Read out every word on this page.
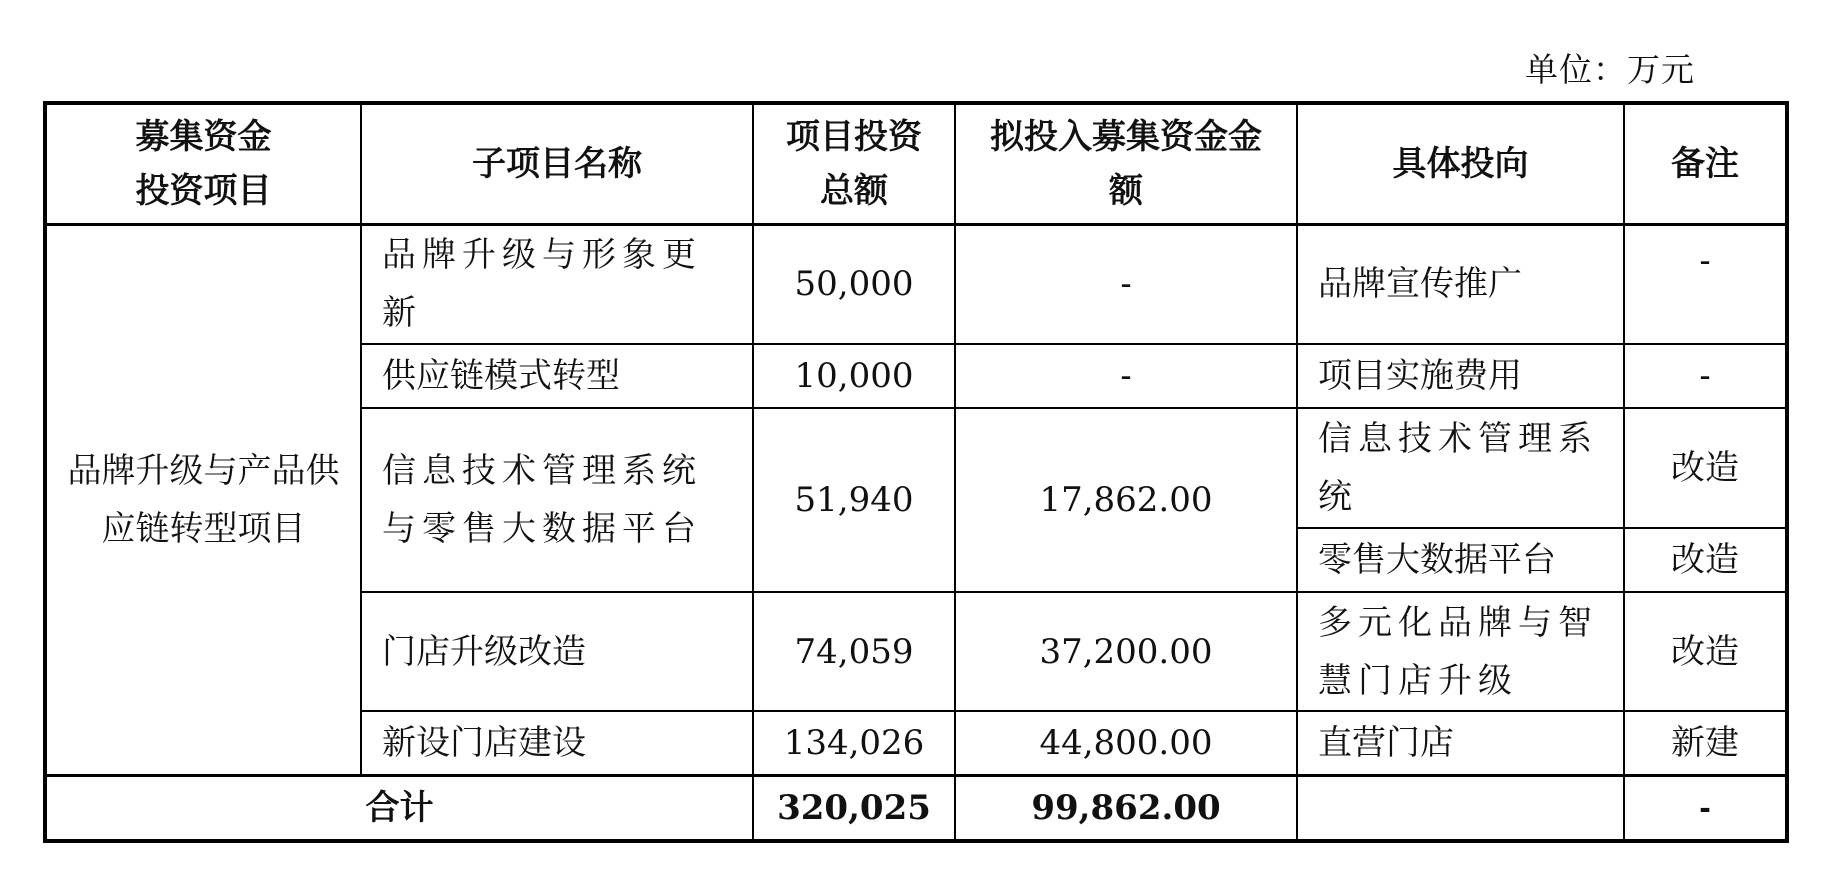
单位：万元
募集资金投资项目	子项目名称	项目投资总额	拟投入募集资金金额	具体投向	备注

品牌升级与产品供应链转型项目	品牌升级与形象更新	50,000	-	品牌宣传推广	-
	供应链模式转型	10,000	-	项目实施费用	-
	信息技术管理系统与零售大数据平台	51,940	17,862.00	信息技术管理系统	改造
				零售大数据平台	改造
	门店升级改造	74,059	37,200.00	多元化品牌与智慧门店升级	改造
	新设门店建设	134,026	44,800.00	直营门店	新建
合计		320,025	99,862.00		-
